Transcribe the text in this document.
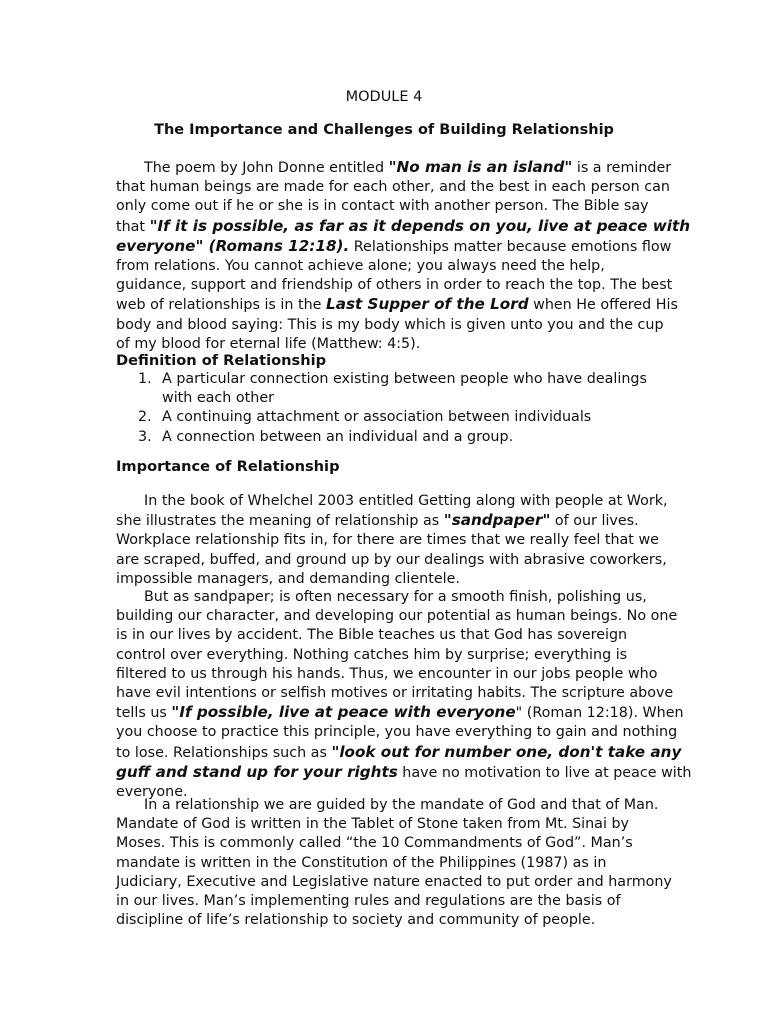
MODULE 4
The Importance and Challenges of Building Relationship

The poem by John Donne entitled "No man is an island" is a reminder
that human beings are made for each other, and the best in each person can
only come out if he or she is in contact with another person. The Bible say
that "If it is possible, as far as it depends on you, live at peace with
everyone" (Romans 12:18). Relationships matter because emotions flow
from relations. You cannot achieve alone; you always need the help,
guidance, support and friendship of others in order to reach the top. The best
web of relationships is in the Last Supper of the Lord when He offered His
body and blood saying: This is my body which is given unto you and the cup
of my blood for eternal life (Matthew: 4:5).

Definition of Relationship
1. A particular connection existing between people who have dealings
with each other
2. A continuing attachment or association between individuals
3. A connection between an individual and a group.
Importance of Relationship

In the book of Whelchel 2003 entitled Getting along with people at Work,
she illustrates the meaning of relationship as "sandpaper" of our lives.
Workplace relationship fits in, for there are times that we really feel that we
are scraped, buffed, and ground up by our dealings with abrasive coworkers,
impossible managers, and demanding clientele.

But as sandpaper; is often necessary for a smooth finish, polishing us,
building our character, and developing our potential as human beings. No one
is in our lives by accident. The Bible teaches us that God has sovereign
control over everything. Nothing catches him by surprise; everything is
filtered to us through his hands. Thus, we encounter in our jobs people who
have evil intentions or selfish motives or irritating habits. The scripture above
tells us "If possible, live at peace with everyone" (Roman 12:18). When
you choose to practice this principle, you have everything to gain and nothing
to lose. Relationships such as "look out for number one, don't take any
guff and stand up for your rights have no motivation to live at peace with
everyone.

In a relationship we are guided by the mandate of God and that of Man.
Mandate of God is written in the Tablet of Stone taken from Mt. Sinai by
Moses. This is commonly called “the 10 Commandments of God”. Man’s
mandate is written in the Constitution of the Philippines (1987) as in
Judiciary, Executive and Legislative nature enacted to put order and harmony
in our lives. Man’s implementing rules and regulations are the basis of
discipline of life’s relationship to society and community of people.
